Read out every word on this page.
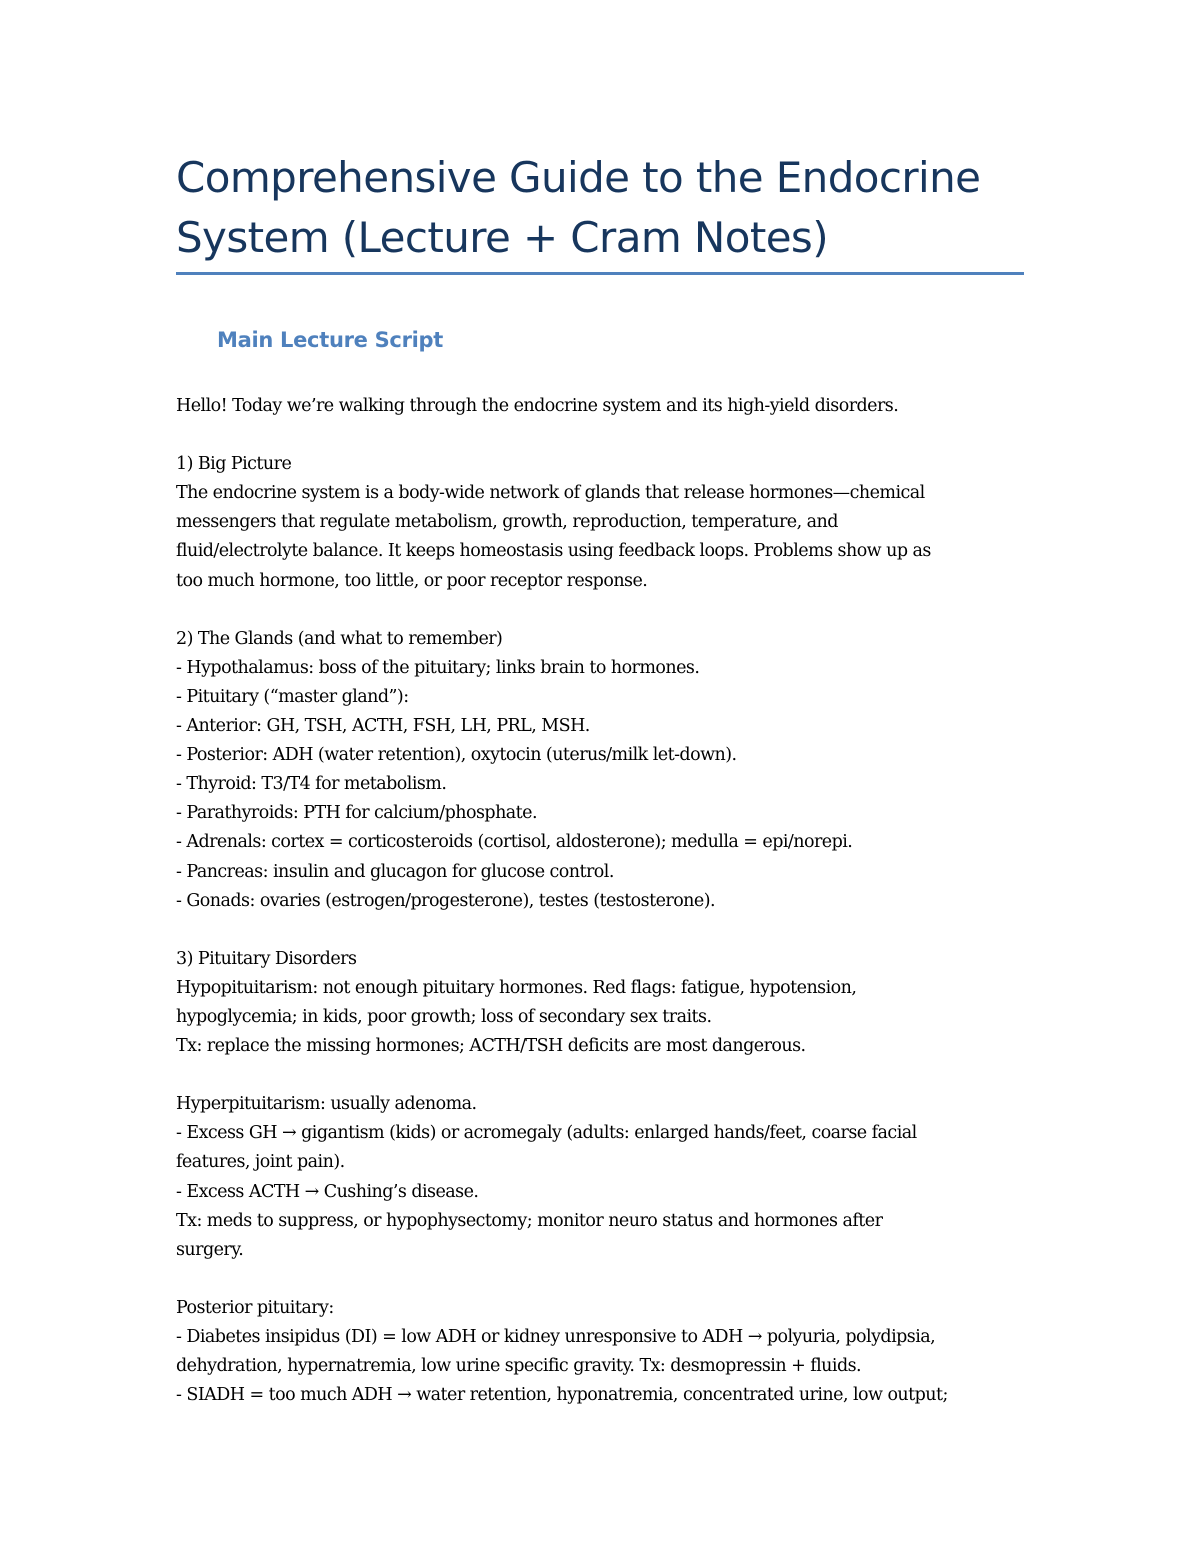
Comprehensive Guide to the Endocrine
System (Lecture + Cram Notes)
Main Lecture Script

Hello! Today we’re walking through the endocrine system and its high-yield disorders.

1) Big Picture

The endocrine system is a body-wide network of glands that release hormones—chemical

messengers that regulate metabolism, growth, reproduction, temperature, and

fluid/electrolyte balance. It keeps homeostasis using feedback loops. Problems show up as

too much hormone, too little, or poor receptor response.

2) The Glands (and what to remember)

- Hypothalamus: boss of the pituitary; links brain to hormones.

- Pituitary (“master gland”):

- Anterior: GH, TSH, ACTH, FSH, LH, PRL, MSH.

- Posterior: ADH (water retention), oxytocin (uterus/milk let-down).

- Thyroid: T3/T4 for metabolism.

- Parathyroids: PTH for calcium/phosphate.

- Adrenals: cortex = corticosteroids (cortisol, aldosterone); medulla = epi/norepi.

- Pancreas: insulin and glucagon for glucose control.

- Gonads: ovaries (estrogen/progesterone), testes (testosterone).

3) Pituitary Disorders

Hypopituitarism: not enough pituitary hormones. Red flags: fatigue, hypotension,

hypoglycemia; in kids, poor growth; loss of secondary sex traits.

Tx: replace the missing hormones; ACTH/TSH deficits are most dangerous.

Hyperpituitarism: usually adenoma.

- Excess GH → gigantism (kids) or acromegaly (adults: enlarged hands/feet, coarse facial

features, joint pain).

- Excess ACTH → Cushing’s disease.

Tx: meds to suppress, or hypophysectomy; monitor neuro status and hormones after

surgery.

Posterior pituitary:

- Diabetes insipidus (DI) = low ADH or kidney unresponsive to ADH → polyuria, polydipsia,

dehydration, hypernatremia, low urine specific gravity. Tx: desmopressin + fluids.

- SIADH = too much ADH → water retention, hyponatremia, concentrated urine, low output;
